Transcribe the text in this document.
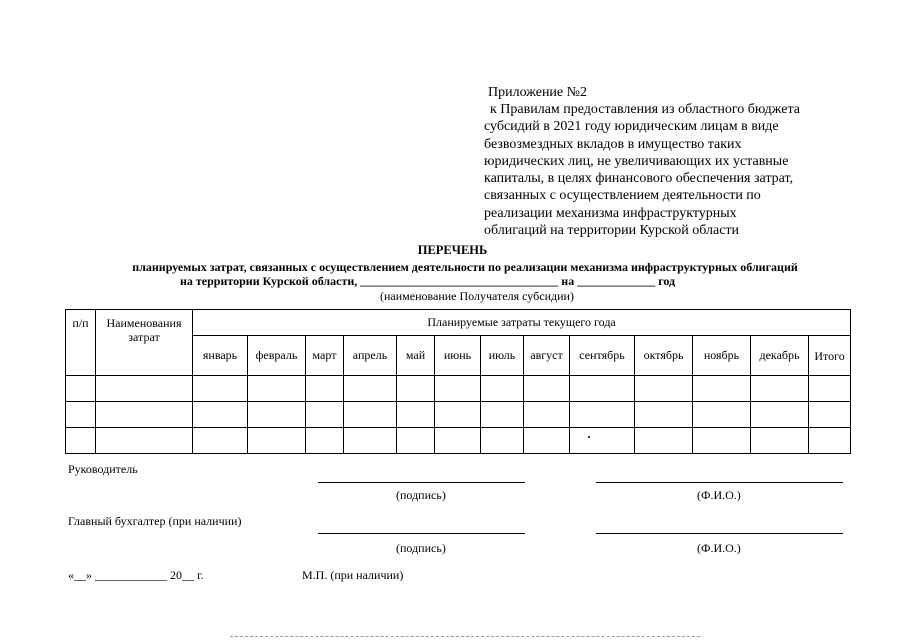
Приложение №2
к Правилам предоставления из областного бюджета
субсидий в 2021 году юридическим лицам в виде
безвозмездных вкладов в имущество таких
юридических лиц, не увеличивающих их уставные
капиталы, в целях финансового обеспечения затрат,
связанных с осуществлением деятельности по
реализации механизма инфраструктурных
облигаций на территории Курской области
ПЕРЕЧЕНЬ
планируемых затрат, связанных с осуществлением деятельности по реализации механизма инфраструктурных облигаций
на территории Курской области, _________________________________ на _____________ год
(наименование Получателя субсидии)
п/п	Наименования затрат	Планируемые затраты текущего года												
		январь	февраль	март	апрель	май	июнь	июль	август	сентябрь	октябрь	ноябрь	декабрь	Итого

Руководитель
(подпись)	(Ф.И.О.)
Главный бухгалтер (при наличии)
(подпись)	(Ф.И.О.)
«__» ____________ 20__ г.	М.П. (при наличии)
